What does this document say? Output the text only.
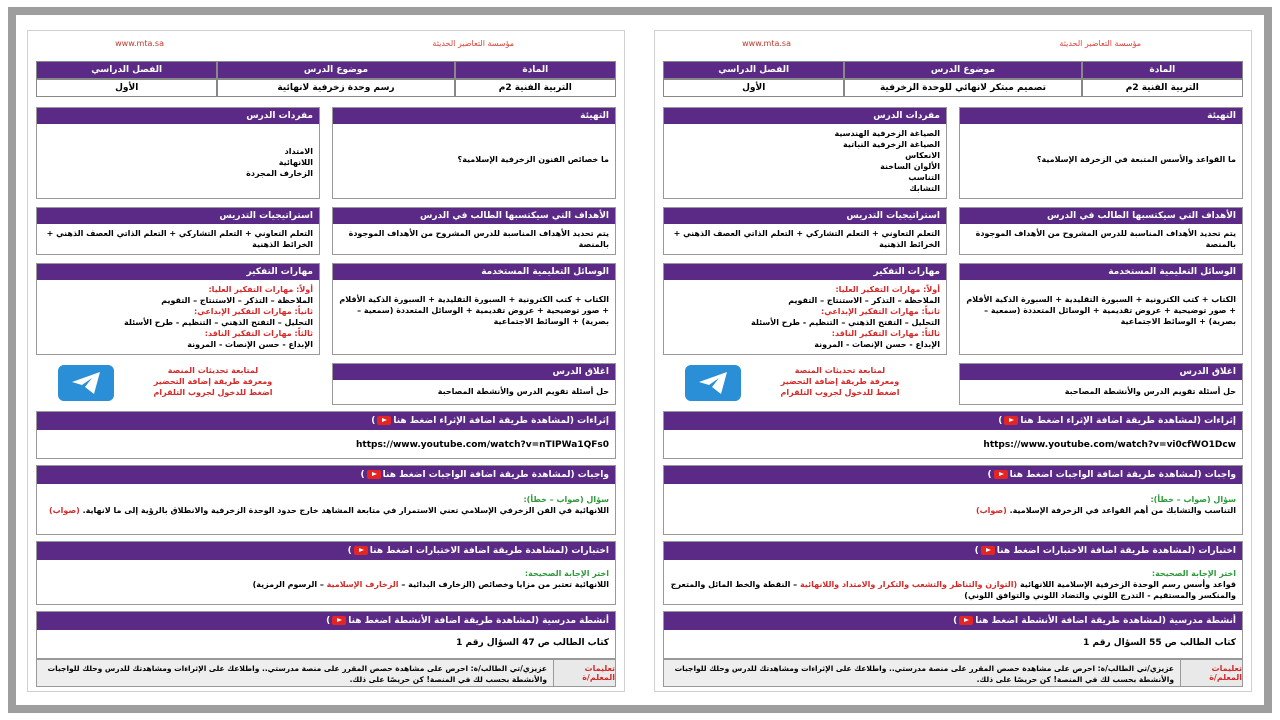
مؤسسة التعاضير الحديثة
www.mta.sa
المادة
موضوع الدرس
الفصل الدراسي
التربية الفنية 2م
تصميم مبتكر لانهائي للوحدة الزخرفية
الأول
التهيئة
ما القواعد والأسس المتبعة في الزخرفة الإسلامية؟
مفردات الدرس
الصياغة الزخرفية الهندسية
الصياغة الزخرفية النباتية
الانعكاس
الألوان الساخنة
التناسب
التشابك
الأهداف التي سيكتسبها الطالب في الدرس
يتم تحديد الأهداف المناسبة للدرس المشروح من الأهداف الموجودة بالمنصة
استراتيجيات التدريس
التعلم التعاوني + التعلم التشاركي + التعلم الذاتي العصف الذهني + الخرائط الذهنية
الوسائل التعليمية المستخدمة
الكتاب + كتب الكترونية + السبورة التقليدية + السبورة الذكية الأقلام + صور توضيحية + عروض تقديمية + الوسائل المتعددة (سمعية – بصرية) + الوسائط الاجتماعية
مهارات التفكير
أولاً: مهارات التفكير العليا:
الملاحظة – التذكر – الاستنتاج – التقويم
ثانياً: مهارات التفكير الإبداعي:
التحليل – التفتح الذهني – التنظيم - طرح الأسئلة
ثالثاً: مهارات التفكير الناقد:
الإبداع - حسن الإنصات - المرونة
اغلاق الدرس
حل أسئلة تقويم الدرس والأنشطة المصاحبة
لمتابعة تحديثات المنصة
ومعرفة طريقة إضافة التحضير
اضغط للدخول لجروب التلقرام
إثراءات (لمشاهدة طريقة اضافة الإثراء اضغط هنا)
https://www.youtube.com/watch?v=vi0cfWO1Dcw
واجبات (لمشاهدة طريقة اضافة الواجبات اضغط هنا)
سؤال (صواب – خطأ):
التناسب والتشابك من أهم القواعد في الزخرفة الإسلامية. (صواب)
اختبارات (لمشاهدة طريقة اضافة الاختبارات اضغط هنا)
اختر الإجابة الصحيحة:
قواعد وأسس رسم الوحدة الزخرفية الإسلامية اللانهائية (التوازن والتناظر والتشعب والتكرار والامتداد واللانهائية – النقطة والخط المائل والمتعرج والمنكسر والمستقيم - التدرج اللوني والتضاد اللوني والتوافق اللوني)
أنشطة مدرسية (لمشاهدة طريقة اضافة الأنشطة اضغط هنا)
كتاب الطالب ص 55 السؤال رقم 1
تعليمات المعلم/ة
عزيزي/تي الطالب/ة: احرص على مشاهدة حصص المقرر على منصة مدرستي.. واطلاعك على الإثراءات ومشاهدتك للدرس وحلك للواجبات والأنشطة بحسب لك في المنصة! كن حريصًا على ذلك.
مؤسسة التعاضير الحديثة
www.mta.sa
المادة
موضوع الدرس
الفصل الدراسي
التربية الفنية 2م
رسم وحدة زخرفية لانهائية
الأول
التهيئة
ما خصائص الفنون الزخرفية الإسلامية؟
مفردات الدرس
الامتداد
اللانهائية
الزخارف المجردة
الأهداف التي سيكتسبها الطالب في الدرس
يتم تحديد الأهداف المناسبة للدرس المشروح من الأهداف الموجودة بالمنصة
استراتيجيات التدريس
التعلم التعاوني + التعلم التشاركي + التعلم الذاتي العصف الذهني + الخرائط الذهنية
الوسائل التعليمية المستخدمة
الكتاب + كتب الكترونية + السبورة التقليدية + السبورة الذكية الأقلام + صور توضيحية + عروض تقديمية + الوسائل المتعددة (سمعية – بصرية) + الوسائط الاجتماعية
مهارات التفكير
أولاً: مهارات التفكير العليا:
الملاحظة – التذكر – الاستنتاج – التقويم
ثانياً: مهارات التفكير الإبداعي:
التحليل – التفتح الذهني – التنظيم - طرح الأسئلة
ثالثاً: مهارات التفكير الناقد:
الإبداع - حسن الإنصات - المرونة
اغلاق الدرس
حل أسئلة تقويم الدرس والأنشطة المصاحبة
لمتابعة تحديثات المنصة
ومعرفة طريقة إضافة التحضير
اضغط للدخول لجروب التلقرام
إثراءات (لمشاهدة طريقة اضافة الإثراء اضغط هنا)
https://www.youtube.com/watch?v=nTIPWa1QFs0
واجبات (لمشاهدة طريقة اضافة الواجبات اضغط هنا)
سؤال (صواب – خطأ):
اللانهائية في الفن الزخرفي الإسلامي تعني الاستمرار في متابعة المشاهد خارج حدود الوحدة الزخرفية والانطلاق بالرؤية إلى ما لانهاية. (صواب)
اختبارات (لمشاهدة طريقة اضافة الاختبارات اضغط هنا)
اختر الإجابة الصحيحة:
اللانهائية تعتبر من مزايا وخصائص (الزخارف البدائية – الزخارف الإسلامية – الرسوم الرمزية)
أنشطة مدرسية (لمشاهدة طريقة اضافة الأنشطة اضغط هنا)
كتاب الطالب ص 47 السؤال رقم 1
تعليمات المعلم/ة
عزيزي/تي الطالب/ة: احرص على مشاهدة حصص المقرر على منصة مدرستي.. واطلاعك على الإثراءات ومشاهدتك للدرس وحلك للواجبات والأنشطة بحسب لك في المنصة! كن حريصًا على ذلك.
